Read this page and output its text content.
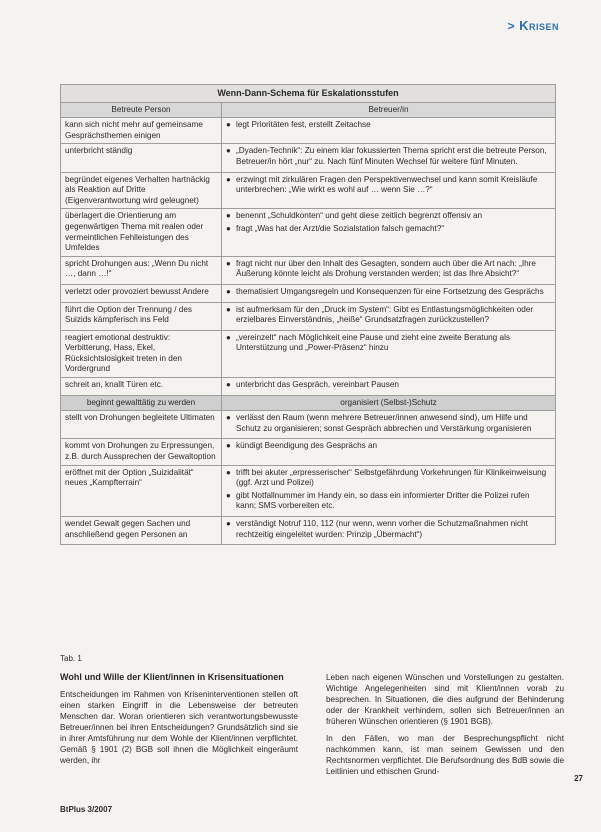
> Krisen
Wenn-Dann-Schema für Eskalationsstufen	
Betreute Person	Betreuer/in
kann sich nicht mehr auf gemeinsame Gesprächsthemen einigen	● legt Prioritäten fest, erstellt Zeitachse

unterbricht ständig	● „Dyaden-Technik“: Zu einem klar fokussierten Thema spricht erst die betreute Person, Betreuer/in hört „nur“ zu. Nach fünf Minuten Wechsel für weitere fünf Minuten.

begründet eigenes Verhalten hartnäckig als Reaktion auf Dritte (Eigenverantwortung wird geleugnet)	● erzwingt mit zirkulären Fragen den Perspektivenwechsel und kann somit Kreisläufe unterbrechen: „Wie wirkt es wohl auf … wenn Sie …?“

überlagert die Orientierung am gegenwärtigen Thema mit realen oder vermeintlichen Fehlleistungen des Umfeldes	● benennt „Schuldkonten“ und geht diese zeitlich begrenzt offensiv an
● fragt „Was hat der Arzt/die Sozialstation falsch gemacht?“

spricht Drohungen aus: „Wenn Du nicht …, dann …!“	● fragt nicht nur über den Inhalt des Gesagten, sondern auch über die Art nach: „Ihre Äußerung könnte leicht als Drohung verstanden werden; ist das Ihre Absicht?“

verletzt oder provoziert bewusst Andere	● thematisiert Umgangsregeln und Konsequenzen für eine Fortsetzung des Gesprächs

führt die Option der Trennung / des Suizids kämpferisch ins Feld	● ist aufmerksam für den „Druck im System“: Gibt es Entlastungsmöglichkeiten oder erzielbares Einverständnis, „heiße“ Grundsatzfragen zurückzustellen?

reagiert emotional destruktiv: Verbitterung, Hass, Ekel, Rücksichtslosigkeit treten in den Vordergrund	● „vereinzelt“ nach Möglichkeit eine Pause und zieht eine zweite Beratung als Unterstützung und „Power-Präsenz“ hinzu

schreit an, knallt Türen etc.	● unterbricht das Gespräch, vereinbart Pausen

beginnt gewalttätig zu werden	organisiert (Selbst-)Schutz
stellt von Drohungen begleitete Ultimaten	● verlässt den Raum (wenn mehrere Betreuer/innen anwesend sind), um Hilfe und Schutz zu organisieren; sonst Gespräch abbrechen und Verstärkung organisieren

kommt von Drohungen zu Erpressungen, z.B. durch Aussprechen der Gewaltoption	● kündigt Beendigung des Gesprächs an

eröffnet mit der Option „Suizidalität“ neues „Kampfterrain“	● trifft bei akuter „erpresserischer“ Selbstgefährdung Vorkehrungen für Klinikeinweisung (ggf. Arzt und Polizei)
● gibt Notfallnummer im Handy ein, so dass ein informierter Dritter die Polizei rufen kann; SMS vorbereiten etc.

wendet Gewalt gegen Sachen und anschließend gegen Personen an	● verständigt Notruf 110, 112 (nur wenn, wenn vorher die Schutzmaßnahmen nicht rechtzeitig eingeleitet wurden: Prinzip „Übermacht“)
Tab. 1
Wohl und Wille der Klient/innen in Krisensituationen

Entscheidungen im Rahmen von Kriseninterventionen stellen oft einen starken Eingriff in die Lebensweise der betreuten Menschen dar. Woran orientieren sich verantwortungsbewusste Betreuer/innen bei ihren Entscheidungen? Grundsätzlich sind sie in ihrer Amtsführung nur dem Wohle der Klient/innen verpflichtet. Gemäß § 1901 (2) BGB soll ihnen die Möglichkeit eingeräumt werden, ihr

Leben nach eigenen Wünschen und Vorstellungen zu gestalten. Wichtige Angelegenheiten sind mit Klient/innen vorab zu besprechen. In Situationen, die dies aufgrund der Behinderung oder der Krankheit verhindern, sollen sich Betreuer/innen an früheren Wünschen orientieren (§ 1901 BGB).

In den Fällen, wo man der Besprechungspflicht nicht nachkommen kann, ist man seinem Gewissen und den Rechtsnormen verpflichtet. Die Berufsordnung des BdB sowie die Leitlinien und ethischen Grund-

BtPlus 3/2007
27
